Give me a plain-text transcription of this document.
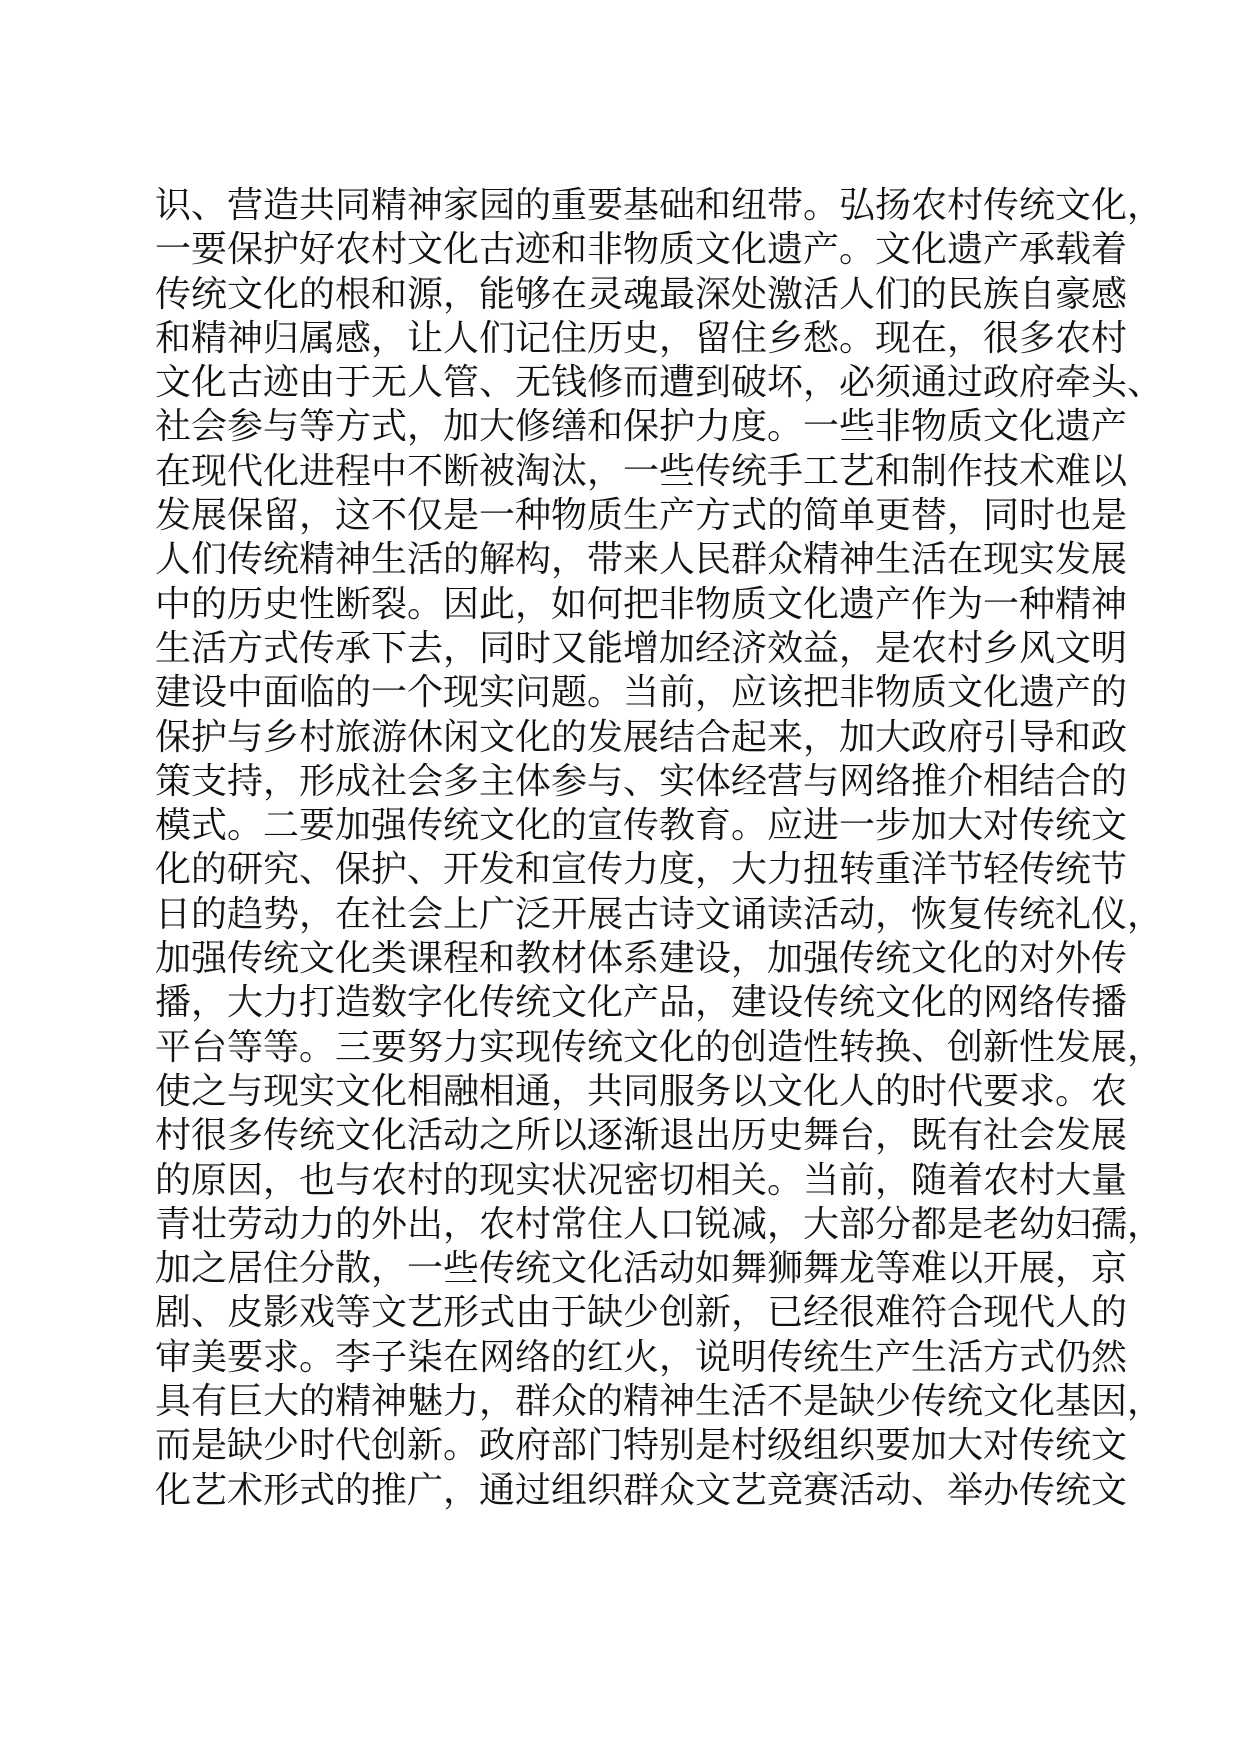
识、营造共同精神家园的重要基础和纽带。弘扬农村传统文化，
一要保护好农村文化古迹和非物质文化遗产。文化遗产承载着
传统文化的根和源，能够在灵魂最深处激活人们的民族自豪感
和精神归属感，让人们记住历史，留住乡愁。现在，很多农村
文化古迹由于无人管、无钱修而遭到破坏，必须通过政府牵头、
社会参与等方式，加大修缮和保护力度。一些非物质文化遗产
在现代化进程中不断被淘汰，一些传统手工艺和制作技术难以
发展保留，这不仅是一种物质生产方式的简单更替，同时也是
人们传统精神生活的解构，带来人民群众精神生活在现实发展
中的历史性断裂。因此，如何把非物质文化遗产作为一种精神
生活方式传承下去，同时又能增加经济效益，是农村乡风文明
建设中面临的一个现实问题。当前，应该把非物质文化遗产的
保护与乡村旅游休闲文化的发展结合起来，加大政府引导和政
策支持，形成社会多主体参与、实体经营与网络推介相结合的
模式。二要加强传统文化的宣传教育。应进一步加大对传统文
化的研究、保护、开发和宣传力度，大力扭转重洋节轻传统节
日的趋势，在社会上广泛开展古诗文诵读活动，恢复传统礼仪，
加强传统文化类课程和教材体系建设，加强传统文化的对外传
播，大力打造数字化传统文化产品，建设传统文化的网络传播
平台等等。三要努力实现传统文化的创造性转换、创新性发展，
使之与现实文化相融相通，共同服务以文化人的时代要求。农
村很多传统文化活动之所以逐渐退出历史舞台，既有社会发展
的原因，也与农村的现实状况密切相关。当前，随着农村大量
青壮劳动力的外出，农村常住人口锐减，大部分都是老幼妇孺，
加之居住分散，一些传统文化活动如舞狮舞龙等难以开展，京
剧、皮影戏等文艺形式由于缺少创新，已经很难符合现代人的
审美要求。李子柒在网络的红火，说明传统生产生活方式仍然
具有巨大的精神魅力，群众的精神生活不是缺少传统文化基因，
而是缺少时代创新。政府部门特别是村级组织要加大对传统文
化艺术形式的推广，通过组织群众文艺竞赛活动、举办传统文
